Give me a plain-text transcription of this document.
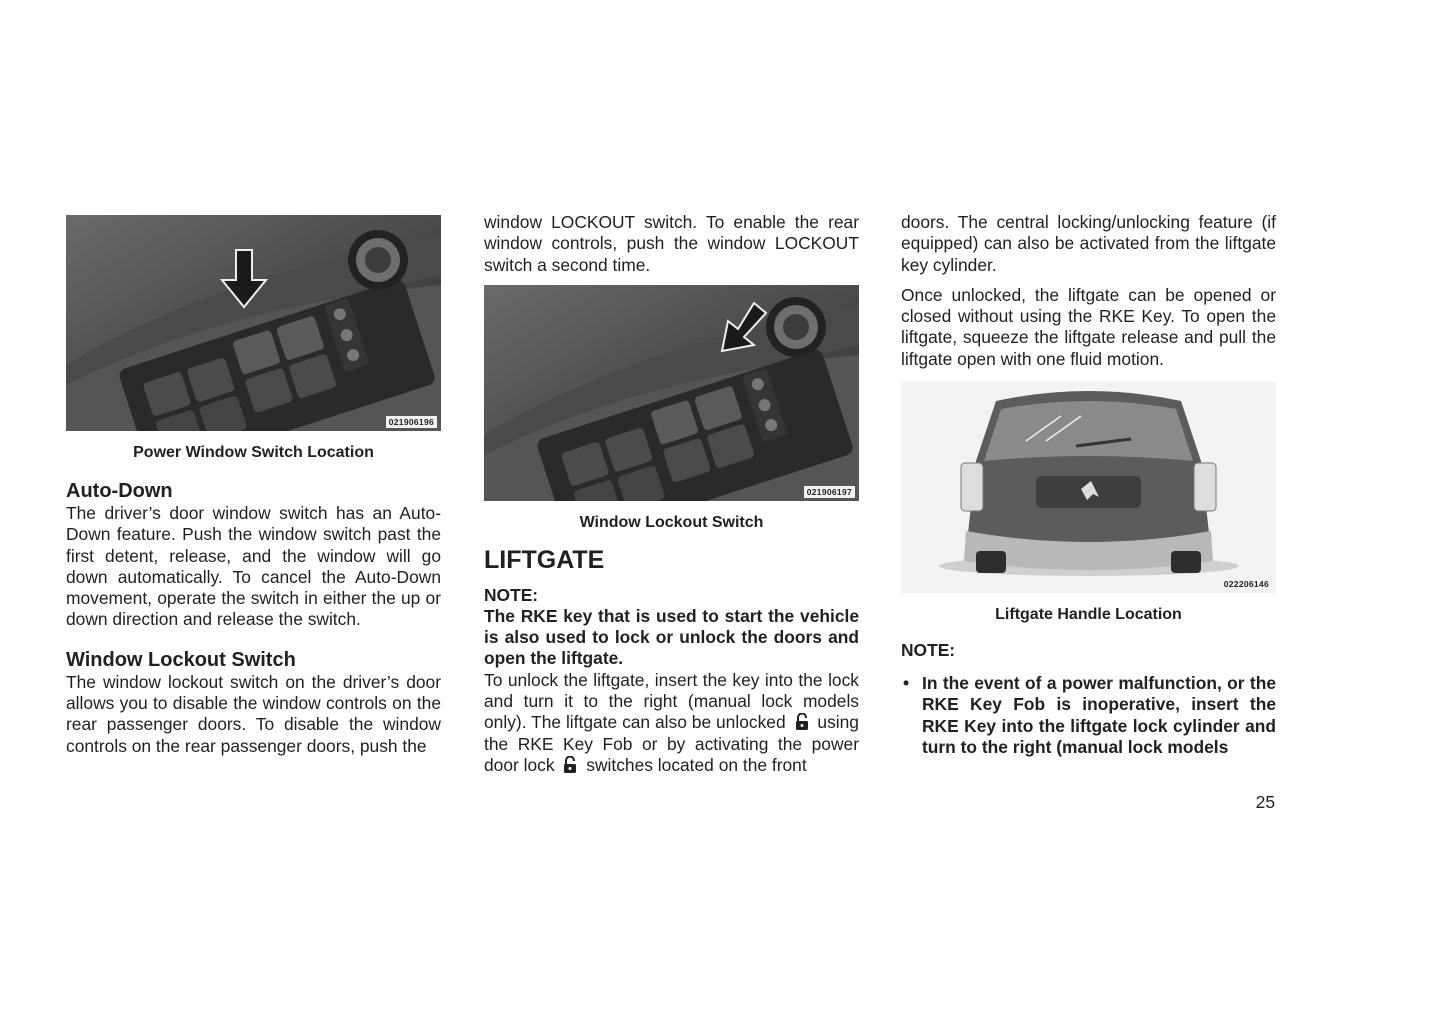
021906196
Power Window Switch Location
Auto-Down

The driver’s door window switch has an Auto-Down feature. Push the window switch past the first detent, release, and the window will go down automatically. To cancel the Auto-Down movement, operate the switch in either the up or down direction and release the switch.

Window Lockout Switch

The window lockout switch on the driver’s door allows you to disable the window controls on the rear passenger doors. To disable the window controls on the rear passenger doors, push the

window LOCKOUT switch. To enable the rear window controls, push the window LOCKOUT switch a second time.

021906197
Window Lockout Switch
LIFTGATE
NOTE:

The RKE key that is used to start the vehicle is also used to lock or unlock the doors and open the liftgate.

To unlock the liftgate, insert the key into the lock and turn it to the right (manual lock models only). The liftgate can also be unlocked using the RKE Key Fob or by activating the power door lock switches located on the front

doors. The central locking/unlocking feature (if equipped) can also be activated from the liftgate key cylinder.

Once unlocked, the liftgate can be opened or closed without using the RKE Key. To open the liftgate, squeeze the liftgate release and pull the liftgate open with one fluid motion.

022206146
Liftgate Handle Location
NOTE:
• In the event of a power malfunction, or the RKE Key Fob is inoperative, insert the RKE Key into the liftgate lock cylinder and turn to the right (manual lock models
25
